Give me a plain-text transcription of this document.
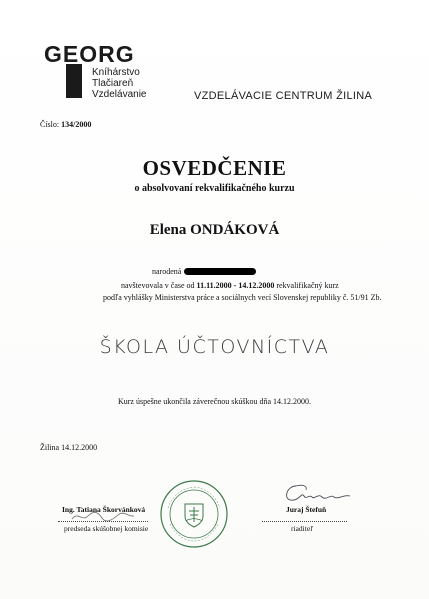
GEORG
Kníhárstvo
Tlačiareň
Vzdelávanie	VZDELÁVACIE CENTRUM ŽILINA
Číslo: 134/2000
OSVEDČENIE
o absolvovaní rekvalifikačného kurzu
Elena ONDÁKOVÁ
narodená
navštevovala v čase od 11.11.2000 - 14.12.2000 rekvalifikačný kurz
podľa vyhlášky Ministerstva práce a sociálnych vecí Slovenskej republiky č. 51/91 Zb.
ŠKOLA ÚČTOVNÍCTVA
Kurz úspešne ukončila záverečnou skúškou dňa 14.12.2000.
Žilina 14.12.2000
Ing. Tatiana Škorvánková
predseda skúšobnej komisie
Juraj Štefuň
riaditeľ
